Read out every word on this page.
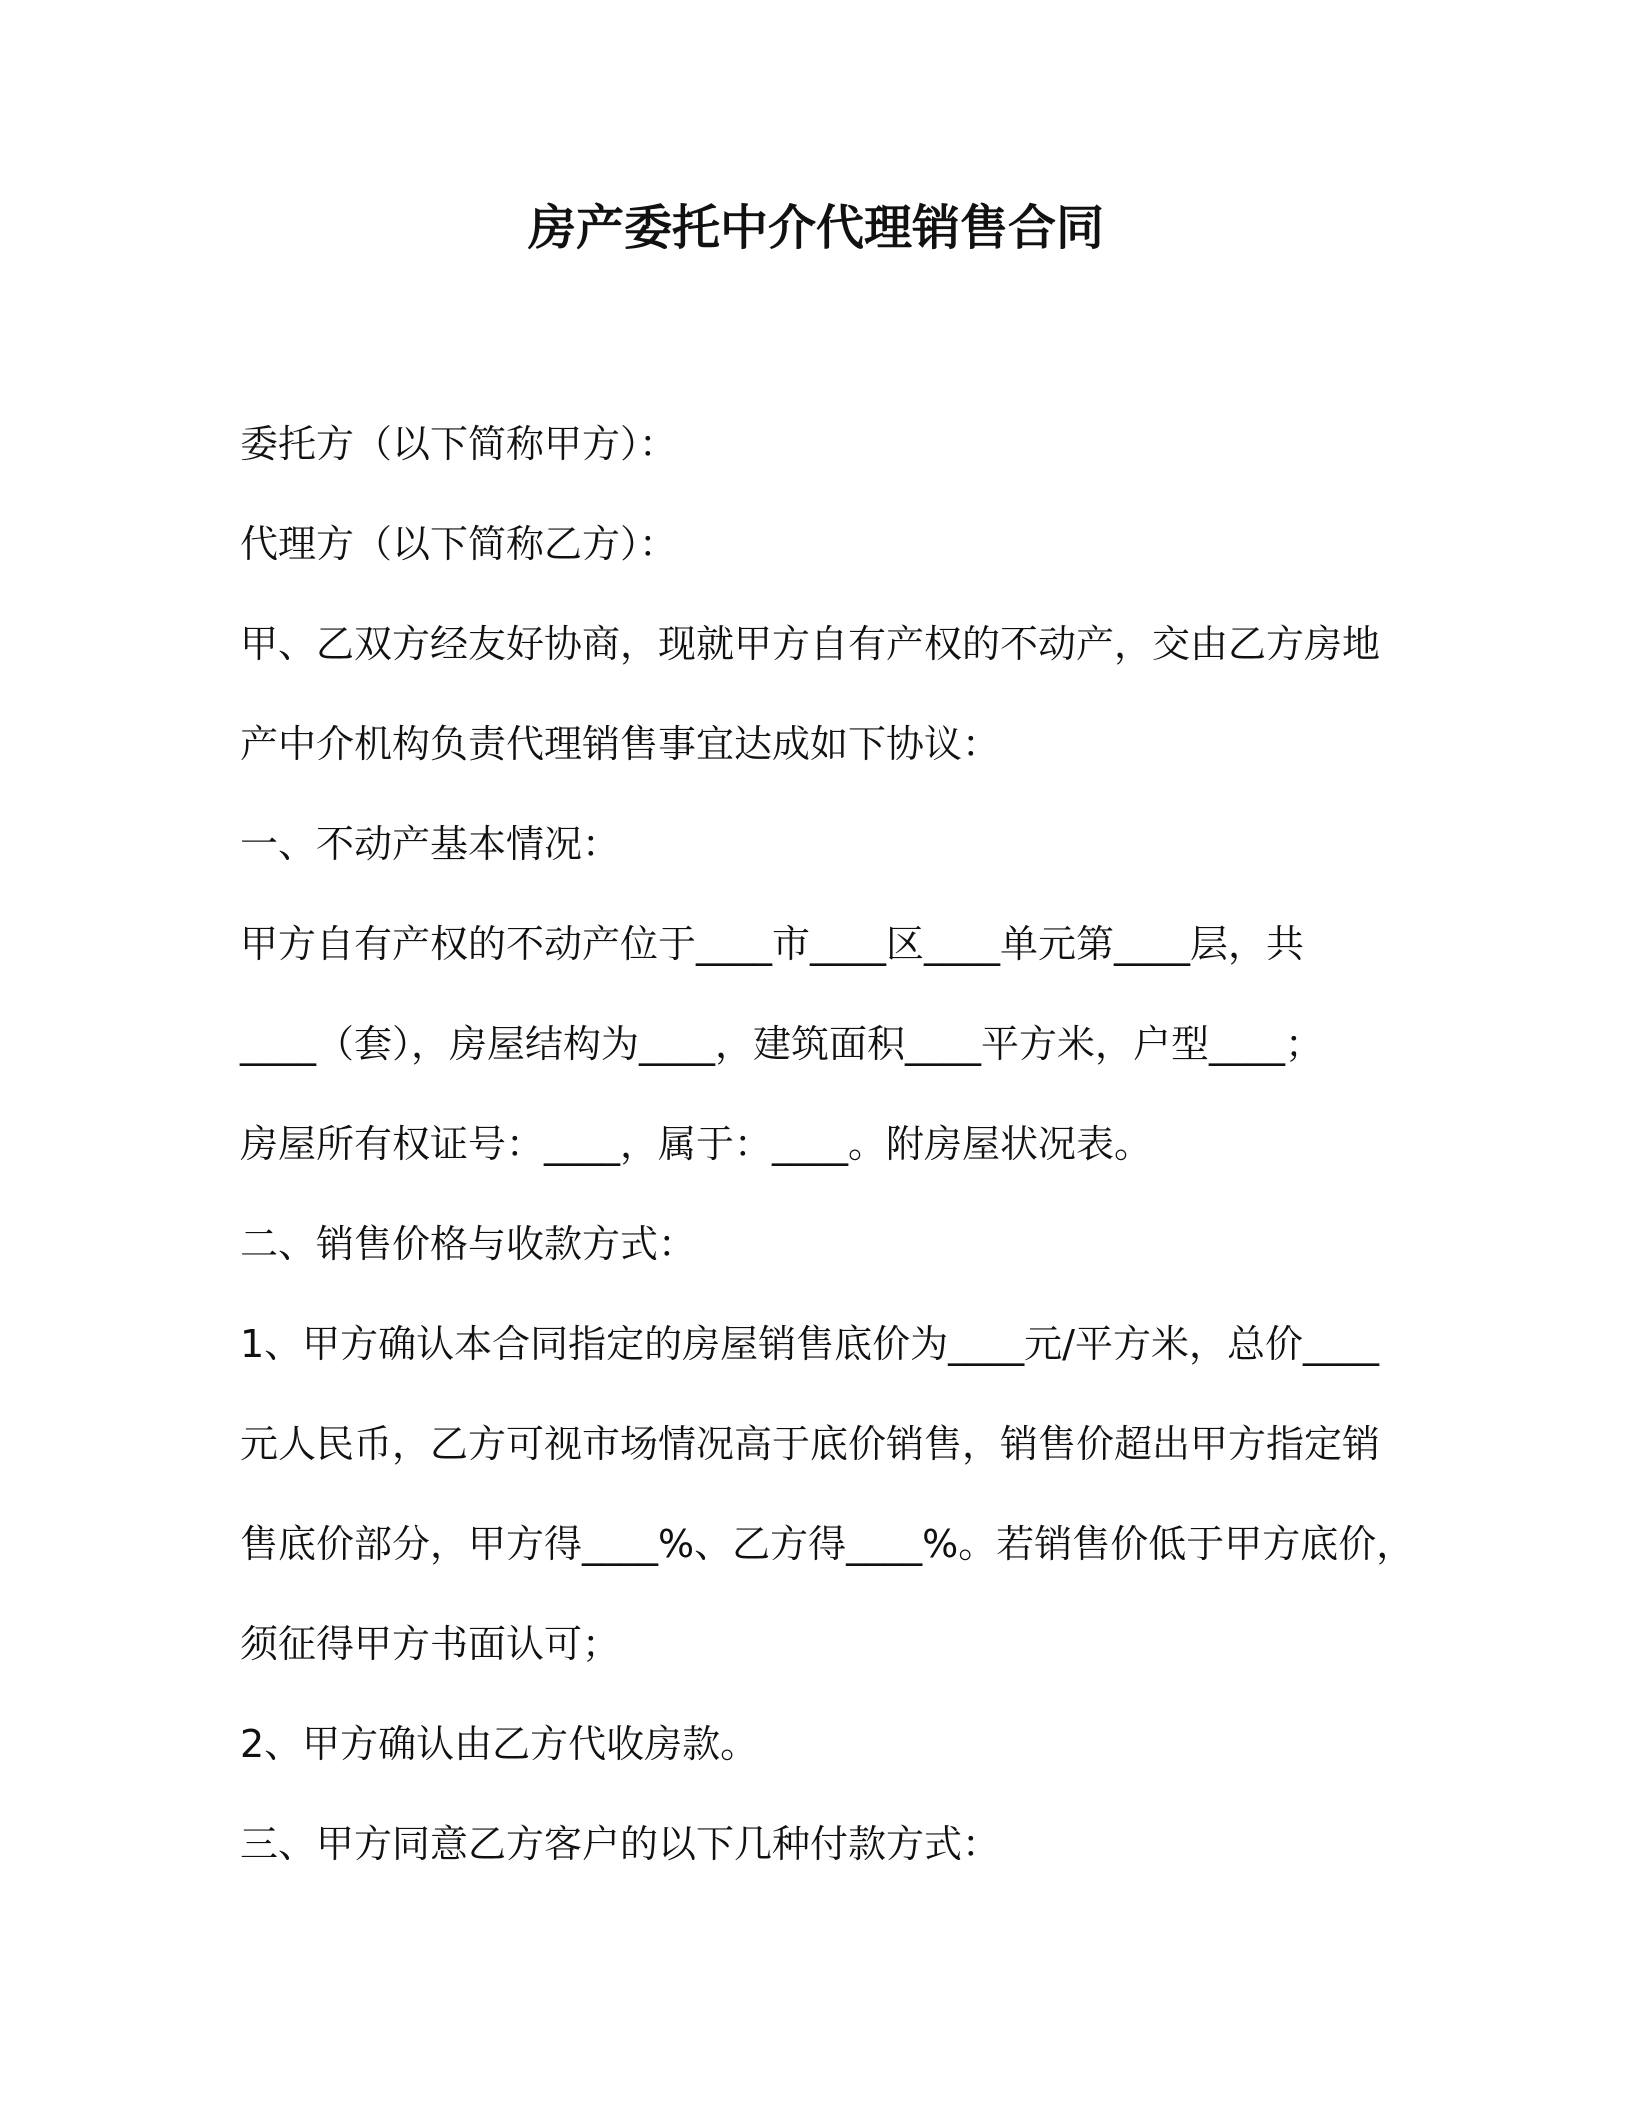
房产委托中介代理销售合同
委托方（以下简称甲方）：
代理方（以下简称乙方）：
甲、乙双方经友好协商，现就甲方自有产权的不动产，交由乙方房地
产中介机构负责代理销售事宜达成如下协议：
一、不动产基本情况：
甲方自有产权的不动产位于____市____区____单元第____层，共
____（套），房屋结构为____，建筑面积____平方米，户型____；
房屋所有权证号：____，属于：____。附房屋状况表。
二、销售价格与收款方式：
1、甲方确认本合同指定的房屋销售底价为____元/平方米，总价____
元人民币，乙方可视市场情况高于底价销售，销售价超出甲方指定销
售底价部分，甲方得____%、乙方得____%。若销售价低于甲方底价，
须征得甲方书面认可；
2、甲方确认由乙方代收房款。
三、甲方同意乙方客户的以下几种付款方式：
